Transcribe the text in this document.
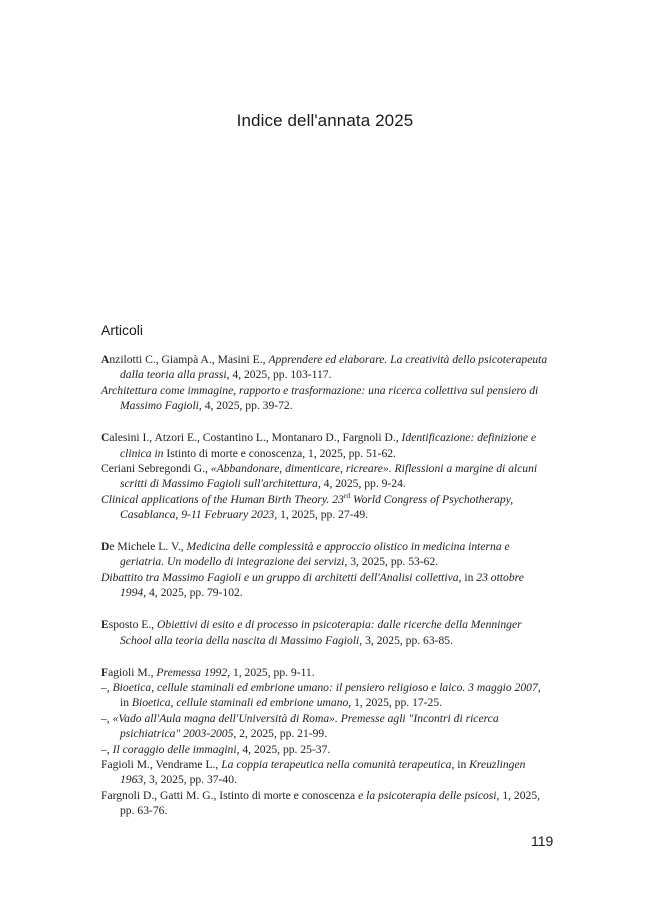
Indice dell'annata 2025
Articoli

Anzilotti C., Giampà A., Masini E., Apprendere ed elaborare. La creatività dello psicoterapeuta dalla teoria alla prassi, 4, 2025, pp. 103-117.

Architettura come immagine, rapporto e trasformazione: una ricerca collettiva sul pensiero di Massimo Fagioli, 4, 2025, pp. 39-72.

Calesini I., Atzori E., Costantino L., Montanaro D., Fargnoli D., Identificazione: definizione e clinica in Istinto di morte e conoscenza, 1, 2025, pp. 51-62.

Ceriani Sebregondi G., «Abbandonare, dimenticare, ricreare». Riflessioni a margine di alcuni scritti di Massimo Fagioli sull'architettura, 4, 2025, pp. 9-24.

Clinical applications of the Human Birth Theory. 23rd World Congress of Psychotherapy, Casablanca, 9-11 February 2023, 1, 2025, pp. 27-49.

De Michele L. V., Medicina delle complessità e approccio olistico in medicina interna e geriatria. Un modello di integrazione dei servizi, 3, 2025, pp. 53-62.

Dibattito tra Massimo Fagioli e un gruppo di architetti dell'Analisi collettiva, in 23 ottobre 1994, 4, 2025, pp. 79-102.

Esposto E., Obiettivi di esito e di processo in psicoterapia: dalle ricerche della Menninger School alla teoria della nascita di Massimo Fagioli, 3, 2025, pp. 63-85.

Fagioli M., Premessa 1992, 1, 2025, pp. 9-11.

–, Bioetica, cellule staminali ed embrione umano: il pensiero religioso e laico. 3 maggio 2007, in Bioetica, cellule staminali ed embrione umano, 1, 2025, pp. 17-25.

–, «Vado all'Aula magna dell'Università di Roma». Premesse agli "Incontri di ricerca psichiatrica" 2003-2005, 2, 2025, pp. 21-99.

–, Il coraggio delle immagini, 4, 2025, pp. 25-37.

Fagioli M., Vendrame L., La coppia terapeutica nella comunità terapeutica, in Kreuzlingen 1963, 3, 2025, pp. 37-40.

Fargnoli D., Gatti M. G., Istinto di morte e conoscenza e la psicoterapia delle psicosi, 1, 2025, pp. 63-76.

119
